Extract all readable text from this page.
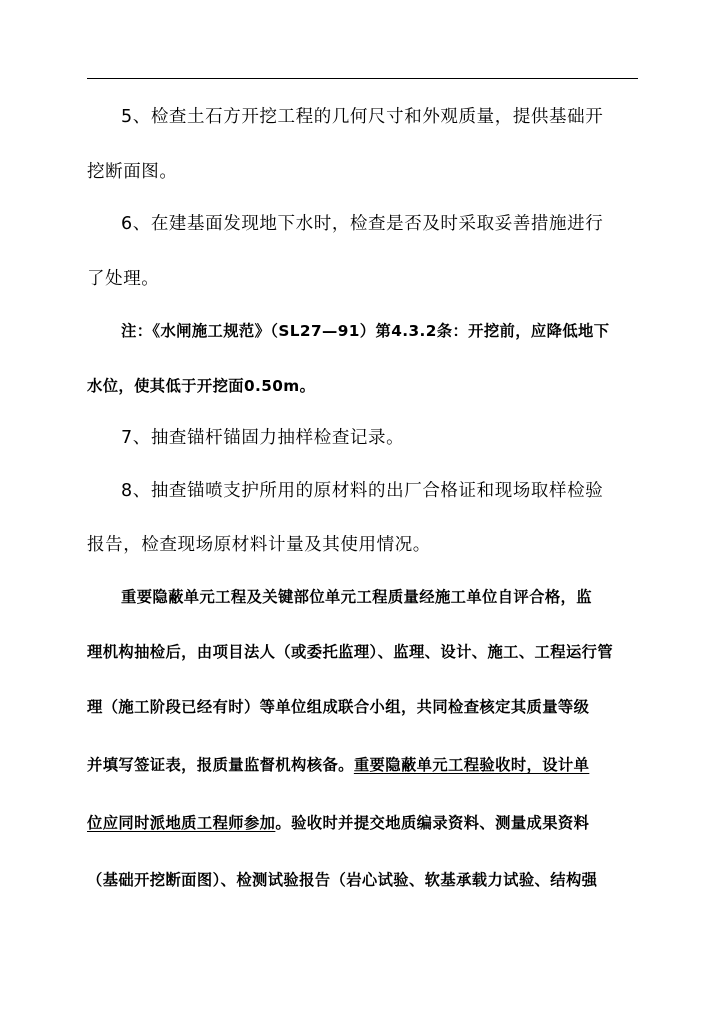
5、检查土石方开挖工程的几何尺寸和外观质量，提供基础开
挖断面图。
6、在建基面发现地下水时，检查是否及时采取妥善措施进行
了处理。
注：《水闸施工规范》（SL27—91）第4.3.2条：开挖前，应降低地下
水位，使其低于开挖面0.50m。
7、抽查锚杆锚固力抽样检查记录。
8、抽查锚喷支护所用的原材料的出厂合格证和现场取样检验
报告，检查现场原材料计量及其使用情况。
重要隐蔽单元工程及关键部位单元工程质量经施工单位自评合格，监
理机构抽检后，由项目法人（或委托监理）、监理、设计、施工、工程运行管
理（施工阶段已经有时）等单位组成联合小组，共同检查核定其质量等级
并填写签证表，报质量监督机构核备。重要隐蔽单元工程验收时，设计单
位应同时派地质工程师参加。验收时并提交地质编录资料、测量成果资料
（基础开挖断面图）、检测试验报告（岩心试验、软基承载力试验、结构强
